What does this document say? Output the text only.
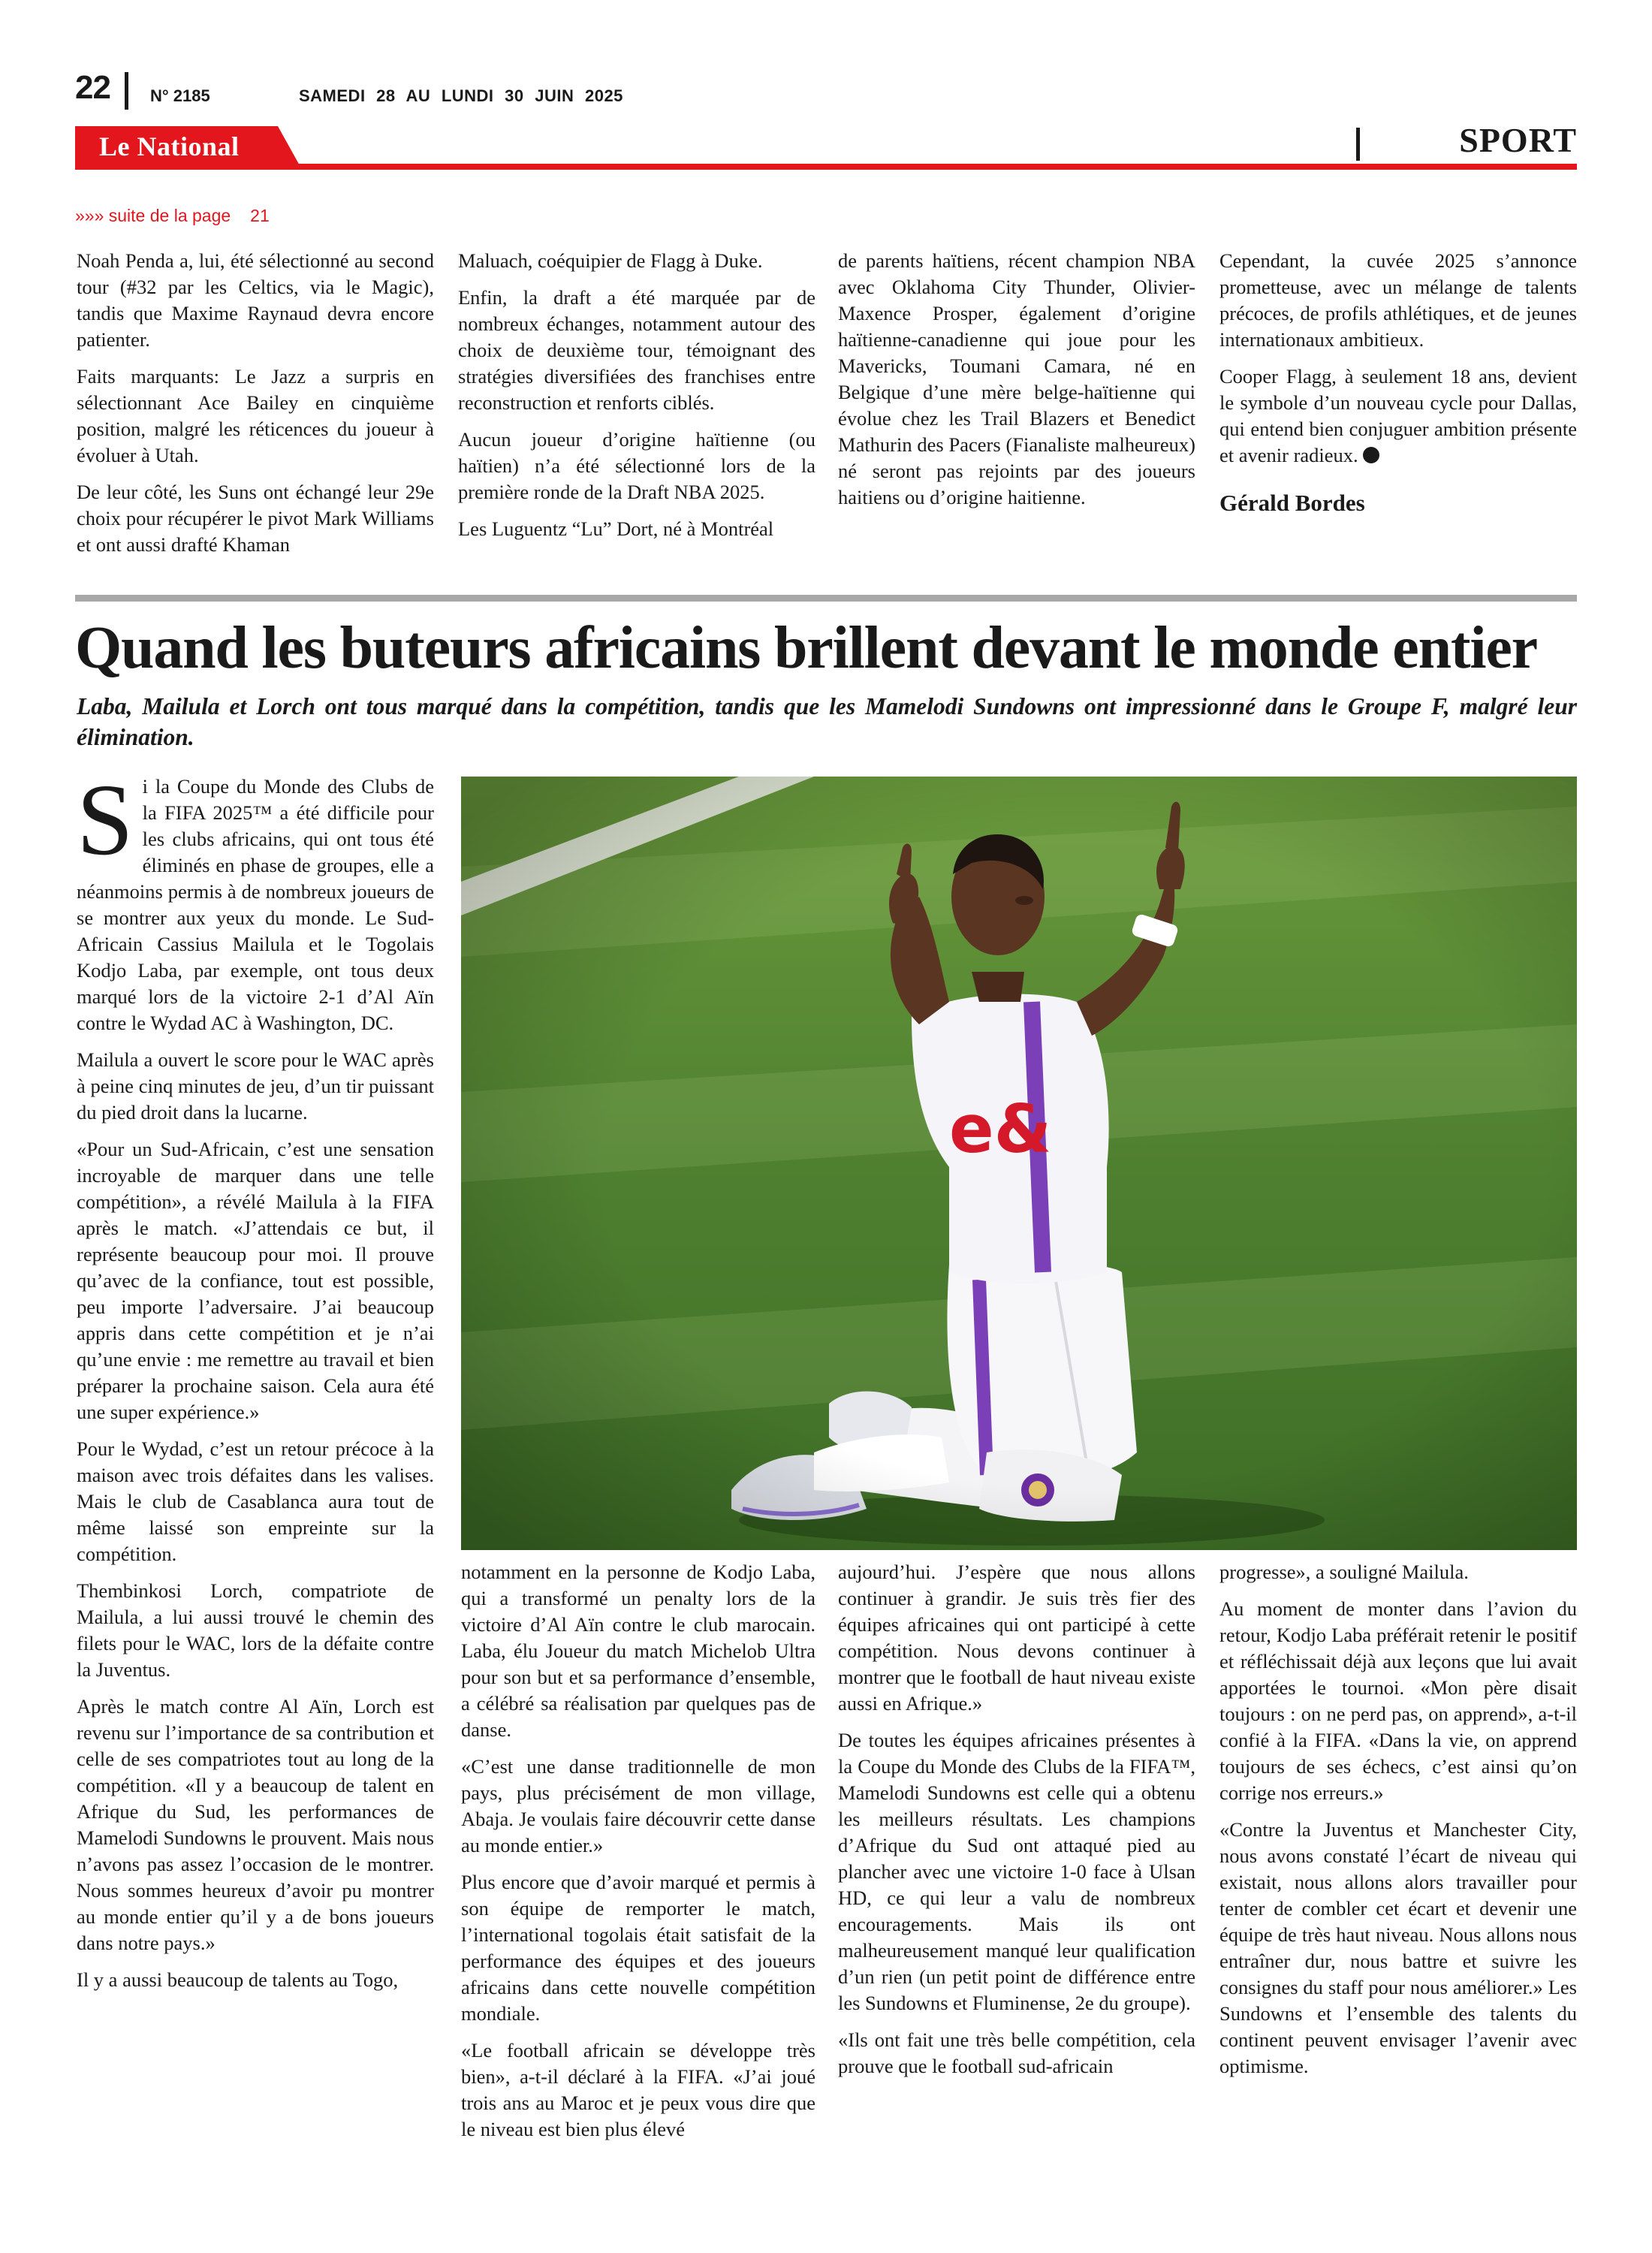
22 N° 2185	SAMEDI 28 AU LUNDI 30 JUIN 2025
Le National	SPORT
»»» suite de la page 21

Noah Penda a, lui, été sélectionné au second tour (#32 par les Celtics, via le Magic), tandis que Maxime Raynaud devra encore patienter.

Faits marquants: Le Jazz a surpris en sélectionnant Ace Bailey en cinquième position, malgré les réticences du joueur à évoluer à Utah.

De leur côté, les Suns ont échangé leur 29e choix pour récupérer le pivot Mark Williams et ont aussi drafté Khaman

Maluach, coéquipier de Flagg à Duke.

Enfin, la draft a été marquée par de nombreux échanges, notamment autour des choix de deuxième tour, témoignant des stratégies diversifiées des franchises entre reconstruction et renforts ciblés.

Aucun joueur d’origine haïtienne (ou haïtien) n’a été sélectionné lors de la première ronde de la Draft NBA 2025.

Les Luguentz “Lu” Dort, né à Montréal

de parents haïtiens, récent champion NBA avec Oklahoma City Thunder, Olivier-Maxence Prosper, également d’origine haïtienne-canadienne qui joue pour les Mavericks, Toumani Camara, né en Belgique d’une mère belge-haïtienne qui évolue chez les Trail Blazers et Benedict Mathurin des Pacers (Fianaliste malheureux) né seront pas rejoints par des joueurs haitiens ou d’origine haitienne.

Cependant, la cuvée 2025 s’annonce prometteuse, avec un mélange de talents précoces, de profils athlétiques, et de jeunes internationaux ambitieux.

Cooper Flagg, à seulement 18 ans, devient le symbole d’un nouveau cycle pour Dallas, qui entend bien conjuguer ambition présente et avenir radieux.

Gérald Bordes

Quand les buteurs africains brillent devant le monde entier
Laba, Mailula et Lorch ont tous marqué dans la compétition, tandis que les Mamelodi Sundowns ont impressionné dans le Groupe F, malgré leur élimination.

Si la Coupe du Monde des Clubs de la FIFA 2025™ a été difficile pour les clubs africains, qui ont tous été éliminés en phase de groupes, elle a néanmoins permis à de nombreux joueurs de se montrer aux yeux du monde. Le Sud-Africain Cassius Mailula et le Togolais Kodjo Laba, par exemple, ont tous deux marqué lors de la victoire 2-1 d’Al Aïn contre le Wydad AC à Washington, DC.

Mailula a ouvert le score pour le WAC après à peine cinq minutes de jeu, d’un tir puissant du pied droit dans la lucarne.

«Pour un Sud-Africain, c’est une sensation incroyable de marquer dans une telle compétition», a révélé Mailula à la FIFA après le match. «J’attendais ce but, il représente beaucoup pour moi. Il prouve qu’avec de la confiance, tout est possible, peu importe l’adversaire. J’ai beaucoup appris dans cette compétition et je n’ai qu’une envie : me remettre au travail et bien préparer la prochaine saison. Cela aura été une super expérience.»

Pour le Wydad, c’est un retour précoce à la maison avec trois défaites dans les valises. Mais le club de Casablanca aura tout de même laissé son empreinte sur la compétition.

Thembinkosi Lorch, compatriote de Mailula, a lui aussi trouvé le chemin des filets pour le WAC, lors de la défaite contre la Juventus.

Après le match contre Al Aïn, Lorch est revenu sur l’importance de sa contribution et celle de ses compatriotes tout au long de la compétition. «Il y a beaucoup de talent en Afrique du Sud, les performances de Mamelodi Sundowns le prouvent. Mais nous n’avons pas assez l’occasion de le montrer. Nous sommes heureux d’avoir pu montrer au monde entier qu’il y a de bons joueurs dans notre pays.»

Il y a aussi beaucoup de talents au Togo,

notamment en la personne de Kodjo Laba, qui a transformé un penalty lors de la victoire d’Al Aïn contre le club marocain. Laba, élu Joueur du match Michelob Ultra pour son but et sa performance d’ensemble, a célébré sa réalisation par quelques pas de danse.

«C’est une danse traditionnelle de mon pays, plus précisément de mon village, Abaja. Je voulais faire découvrir cette danse au monde entier.»

Plus encore que d’avoir marqué et permis à son équipe de remporter le match, l’international togolais était satisfait de la performance des équipes et des joueurs africains dans cette nouvelle compétition mondiale.

«Le football africain se développe très bien», a-t-il déclaré à la FIFA. «J’ai joué trois ans au Maroc et je peux vous dire que le niveau est bien plus élevé

aujourd’hui. J’espère que nous allons continuer à grandir. Je suis très fier des équipes africaines qui ont participé à cette compétition. Nous devons continuer à montrer que le football de haut niveau existe aussi en Afrique.»

De toutes les équipes africaines présentes à la Coupe du Monde des Clubs de la FIFA™, Mamelodi Sundowns est celle qui a obtenu les meilleurs résultats. Les champions d’Afrique du Sud ont attaqué pied au plancher avec une victoire 1-0 face à Ulsan HD, ce qui leur a valu de nombreux encouragements. Mais ils ont malheureusement manqué leur qualification d’un rien (un petit point de différence entre les Sundowns et Fluminense, 2e du groupe).

«Ils ont fait une très belle compétition, cela prouve que le football sud-africain

progresse», a souligné Mailula.

Au moment de monter dans l’avion du retour, Kodjo Laba préférait retenir le positif et réfléchissait déjà aux leçons que lui avait apportées le tournoi. «Mon père disait toujours : on ne perd pas, on apprend», a-t-il confié à la FIFA. «Dans la vie, on apprend toujours de ses échecs, c’est ainsi qu’on corrige nos erreurs.»

«Contre la Juventus et Manchester City, nous avons constaté l’écart de niveau qui existait, nous allons alors travailler pour tenter de combler cet écart et devenir une équipe de très haut niveau. Nous allons nous entraîner dur, nous battre et suivre les consignes du staff pour nous améliorer.» Les Sundowns et l’ensemble des talents du continent peuvent envisager l’avenir avec optimisme.
